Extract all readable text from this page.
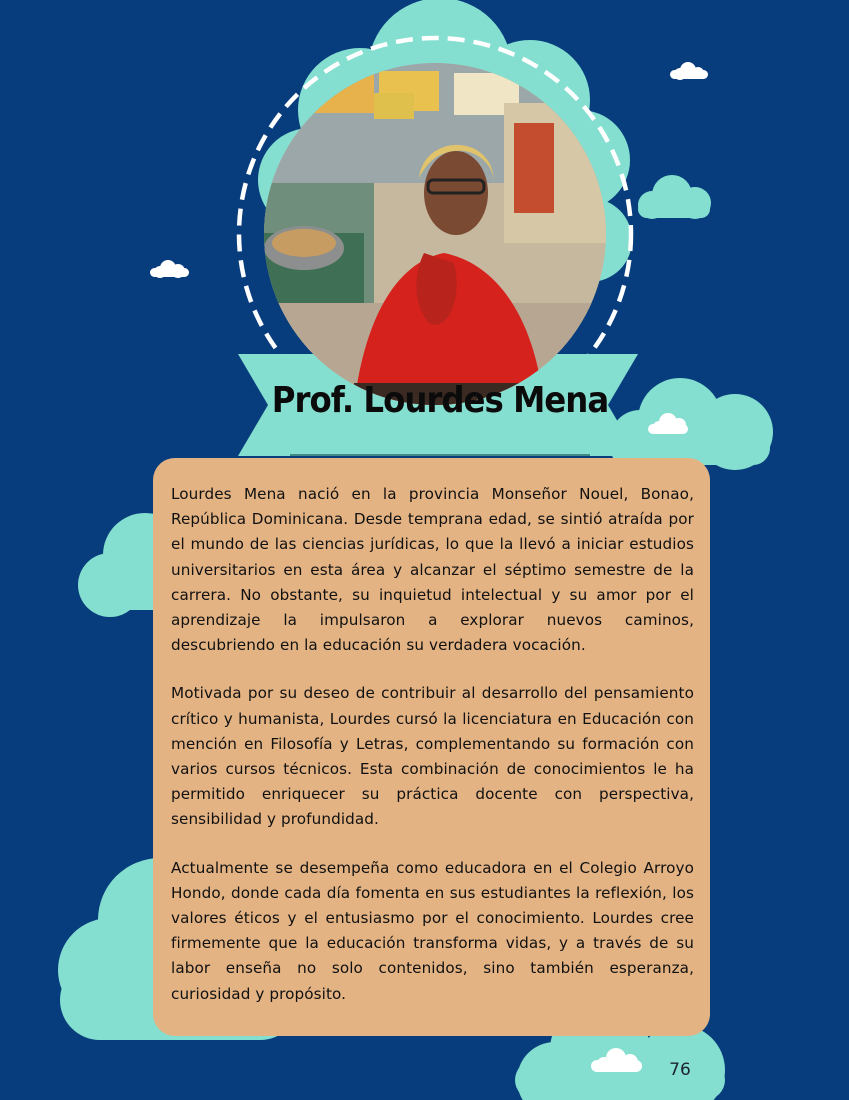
Prof. Lourdes Mena

Lourdes Mena nació en la provincia Monseñor Nouel, Bonao, República Dominicana. Desde temprana edad, se sintió atraída por el mundo de las ciencias jurídicas, lo que la llevó a iniciar estudios universitarios en esta área y alcanzar el séptimo semestre de la carrera. No obstante, su inquietud intelectual y su amor por el aprendizaje la impulsaron a explorar nuevos caminos, descubriendo en la educación su verdadera vocación.

Motivada por su deseo de contribuir al desarrollo del pensamiento crítico y humanista, Lourdes cursó la licenciatura en Educación con mención en Filosofía y Letras, complementando su formación con varios cursos técnicos. Esta combinación de conocimientos le ha permitido enriquecer su práctica docente con perspectiva, sensibilidad y profundidad.

Actualmente se desempeña como educadora en el Colegio Arroyo Hondo, donde cada día fomenta en sus estudiantes la reflexión, los valores éticos y el entusiasmo por el conocimiento. Lourdes cree firmemente que la educación transforma vidas, y a través de su labor enseña no solo contenidos, sino también esperanza, curiosidad y propósito.

76
